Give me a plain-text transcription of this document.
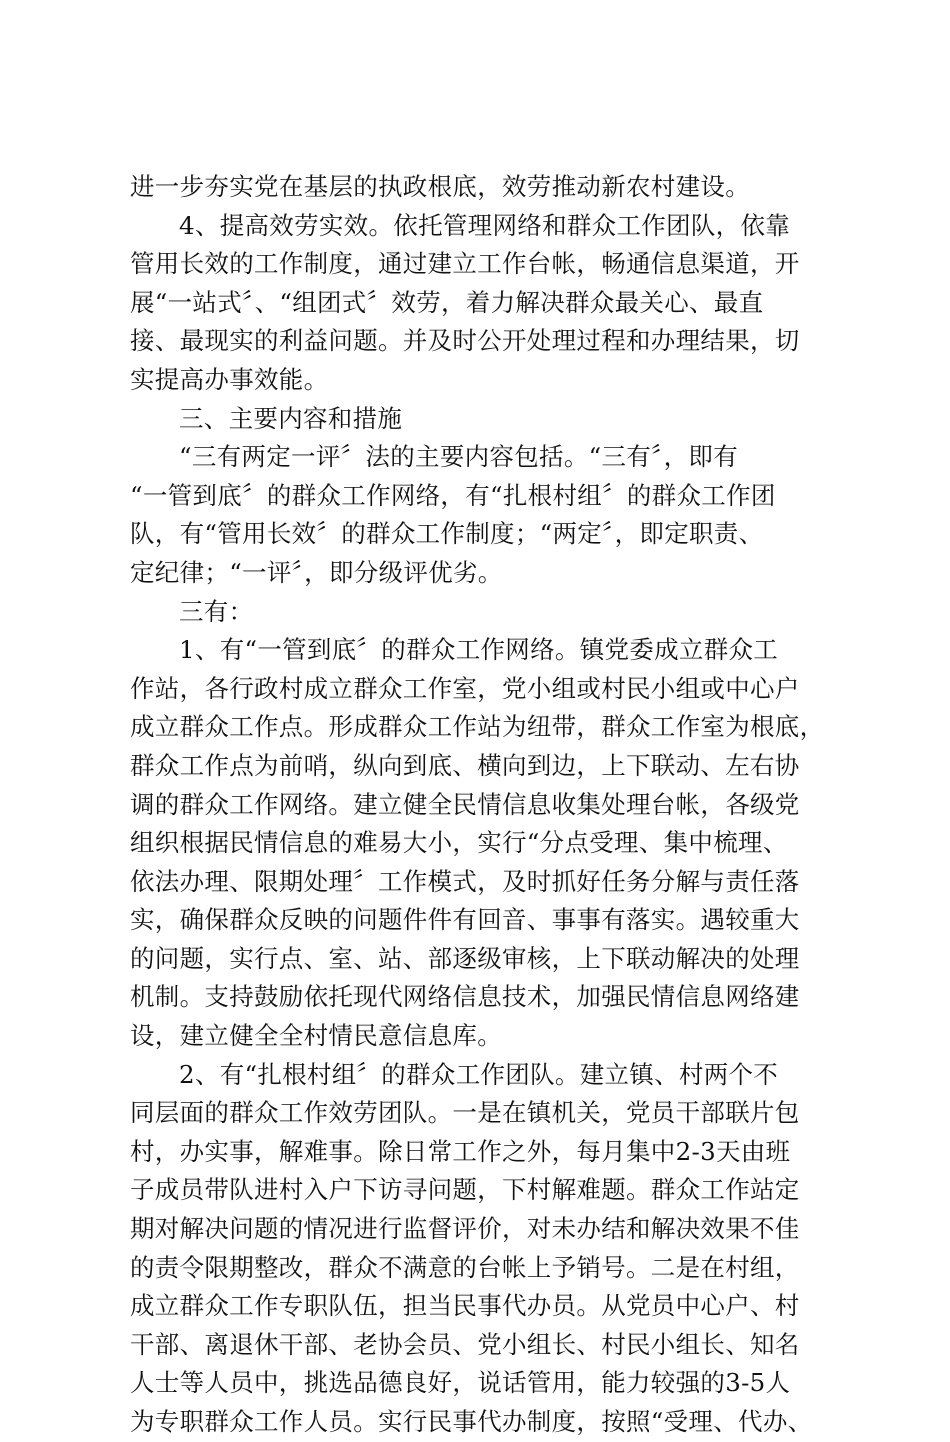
进一步夯实党在基层的执政根底，效劳推动新农村建设。
4、提高效劳实效。依托管理网络和群众工作团队，依靠
管用长效的工作制度，通过建立工作台帐，畅通信息渠道，开
展“一站式〞、“组团式〞效劳，着力解决群众最关心、最直
接、最现实的利益问题。并及时公开处理过程和办理结果，切
实提高办事效能。
三、主要内容和措施
“三有两定一评〞法的主要内容包括。“三有〞，即有
“一管到底〞的群众工作网络，有“扎根村组〞的群众工作团
队，有“管用长效〞的群众工作制度；“两定〞，即定职责、
定纪律；“一评〞，即分级评优劣。
三有：
1、有“一管到底〞的群众工作网络。镇党委成立群众工
作站，各行政村成立群众工作室，党小组或村民小组或中心户
成立群众工作点。形成群众工作站为纽带，群众工作室为根底，
群众工作点为前哨，纵向到底、横向到边，上下联动、左右协
调的群众工作网络。建立健全民情信息收集处理台帐，各级党
组织根据民情信息的难易大小，实行“分点受理、集中梳理、
依法办理、限期处理〞工作模式，及时抓好任务分解与责任落
实，确保群众反映的问题件件有回音、事事有落实。遇较重大
的问题，实行点、室、站、部逐级审核，上下联动解决的处理
机制。支持鼓励依托现代网络信息技术，加强民情信息网络建
设，建立健全全村情民意信息库。
2、有“扎根村组〞的群众工作团队。建立镇、村两个不
同层面的群众工作效劳团队。一是在镇机关，党员干部联片包
村，办实事，解难事。除日常工作之外，每月集中2-3天由班
子成员带队进村入户下访寻问题，下村解难题。群众工作站定
期对解决问题的情况进行监督评价，对未办结和解决效果不佳
的责令限期整改，群众不满意的台帐上予销号。二是在村组，
成立群众工作专职队伍，担当民事代办员。从党员中心户、村
干部、离退休干部、老协会员、党小组长、村民小组长、知名
人士等人员中，挑选品德良好，说话管用，能力较强的3-5人
为专职群众工作人员。实行民事代办制度，按照“受理、代办、
